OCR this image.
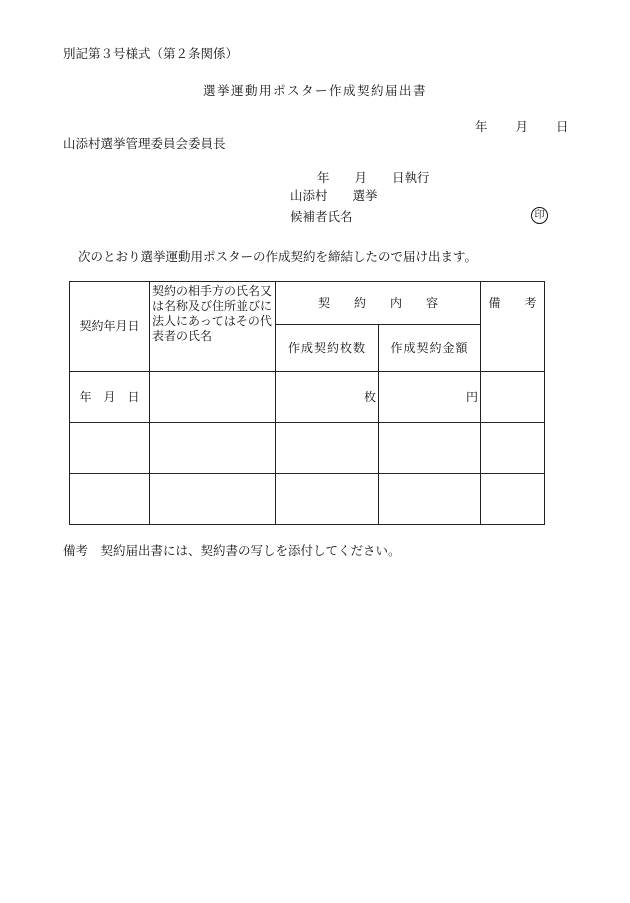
別記第３号様式（第２条関係）
選挙運動用ポスター作成契約届出書
年 月 日
山添村選挙管理委員会委員長
年　　月　　日執行
山添村　　選挙
候補者氏名	印
次のとおり選挙運動用ポスターの作成契約を締結したので届け出ます。
契約年月日	契約の相手方の氏名又は名称及び住所並びに法人にあってはその代表者の氏名	契　　約　　内　　容		備　　考
		作成契約枚数	作成契約金額	
年　月　日		枚	円	

備考　契約届出書には、契約書の写しを添付してください。
